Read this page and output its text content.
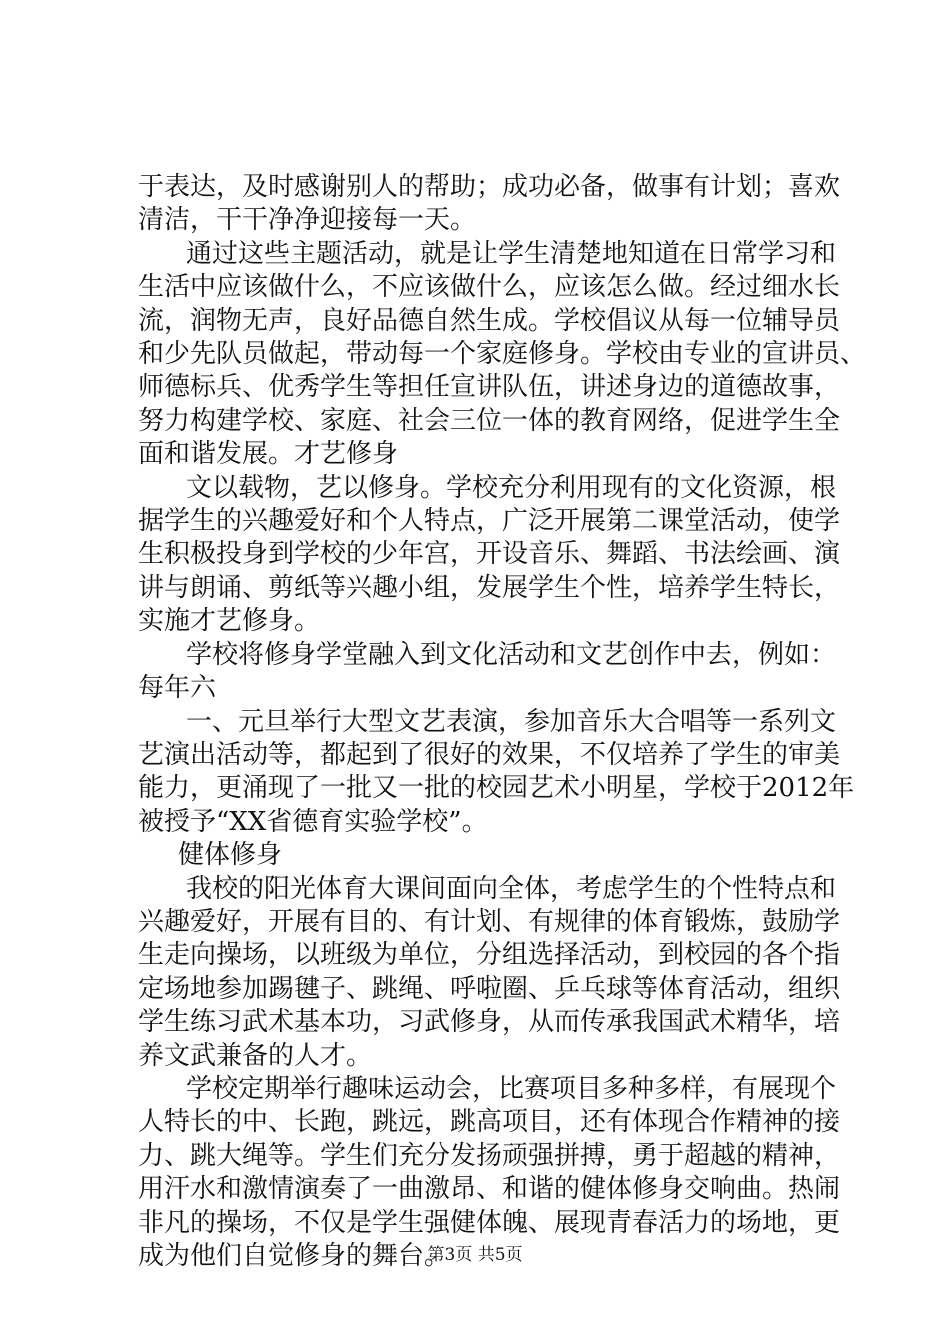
于表达，及时感谢别人的帮助；成功必备，做事有计划；喜欢
清洁，干干净净迎接每一天。
通过这些主题活动，就是让学生清楚地知道在日常学习和
生活中应该做什么，不应该做什么，应该怎么做。经过细水长
流，润物无声，良好品德自然生成。学校倡议从每一位辅导员
和少先队员做起，带动每一个家庭修身。学校由专业的宣讲员、
师德标兵、优秀学生等担任宣讲队伍，讲述身边的道德故事，
努力构建学校、家庭、社会三位一体的教育网络，促进学生全
面和谐发展。才艺修身
文以载物，艺以修身。学校充分利用现有的文化资源，根
据学生的兴趣爱好和个人特点，广泛开展第二课堂活动，使学
生积极投身到学校的少年宫，开设音乐、舞蹈、书法绘画、演
讲与朗诵、剪纸等兴趣小组，发展学生个性，培养学生特长，
实施才艺修身。
学校将修身学堂融入到文化活动和文艺创作中去，例如：
每年六
一、元旦举行大型文艺表演，参加音乐大合唱等一系列文
艺演出活动等，都起到了很好的效果，不仅培养了学生的审美
能力，更涌现了一批又一批的校园艺术小明星，学校于2012年
被授予“XX省德育实验学校”。
健体修身
我校的阳光体育大课间面向全体，考虑学生的个性特点和
兴趣爱好，开展有目的、有计划、有规律的体育锻炼，鼓励学
生走向操场，以班级为单位，分组选择活动，到校园的各个指
定场地参加踢毽子、跳绳、呼啦圈、乒乓球等体育活动，组织
学生练习武术基本功，习武修身，从而传承我国武术精华，培
养文武兼备的人才。
学校定期举行趣味运动会，比赛项目多种多样，有展现个
人特长的中、长跑，跳远，跳高项目，还有体现合作精神的接
力、跳大绳等。学生们充分发扬顽强拼搏，勇于超越的精神，
用汗水和激情演奏了一曲激昂、和谐的健体修身交响曲。热闹
非凡的操场，不仅是学生强健体魄、展现青春活力的场地，更
成为他们自觉修身的舞台。
第3页 共5页
